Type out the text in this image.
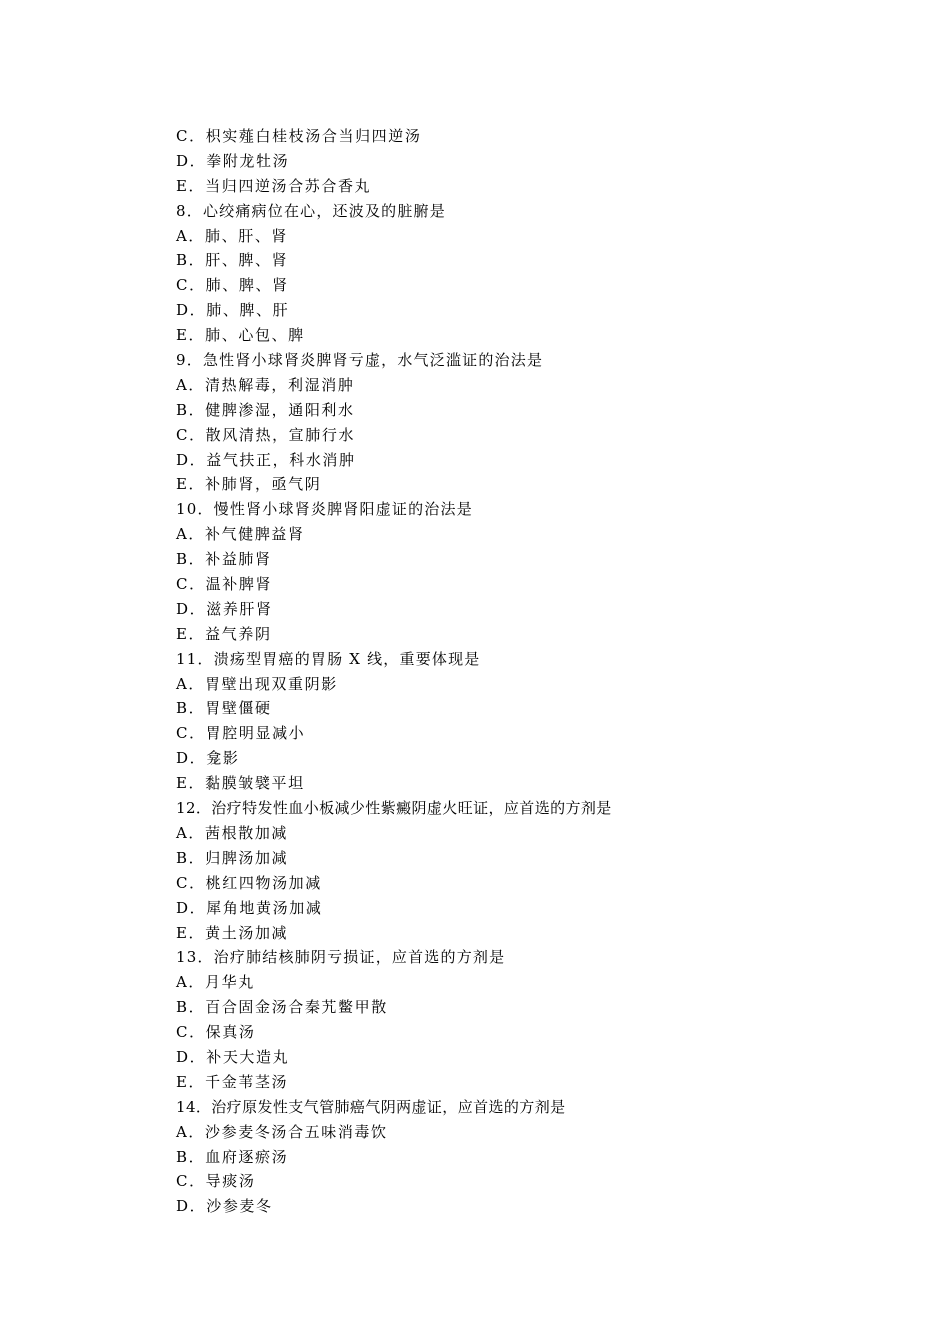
C．枳实薤白桂枝汤合当归四逆汤
D．拳附龙牡汤
E．当归四逆汤合苏合香丸
8．心绞痛病位在心，还波及的脏腑是
A．肺、肝、肾
B．肝、脾、肾
C．肺、脾、肾
D．肺、脾、肝
E．肺、心包、脾
9．急性肾小球肾炎脾肾亏虚，水气泛滥证的治法是
A．清热解毒，利湿消肿
B．健脾渗湿，通阳利水
C．散风清热，宣肺行水
D．益气扶正，科水消肿
E．补肺肾，亟气阴
10．慢性肾小球肾炎脾肾阳虚证的治法是
A．补气健脾益肾
B．补益肺肾
C．温补脾肾
D．滋养肝肾
E．益气养阴
11．溃疡型胃癌的胃肠 X 线，重要体现是
A．胃壁出现双重阴影
B．胃壁僵硬
C．胃腔明显减小
D．龛影
E．黏膜皱襞平坦
12．治疗特发性血小板减少性紫癜阴虚火旺证，应首选的方剂是
A．茜根散加减
B．归脾汤加减
C．桃红四物汤加减
D．犀角地黄汤加减
E．黄土汤加减
13．治疗肺结核肺阴亏损证，应首选的方剂是
A．月华丸
B．百合固金汤合秦艽鳖甲散
C．保真汤
D．补天大造丸
E．千金苇茎汤
14．治疗原发性支气管肺癌气阴两虚证，应首选的方剂是
A．沙参麦冬汤合五味消毒饮
B．血府逐瘀汤
C．导痰汤
D．沙参麦冬
